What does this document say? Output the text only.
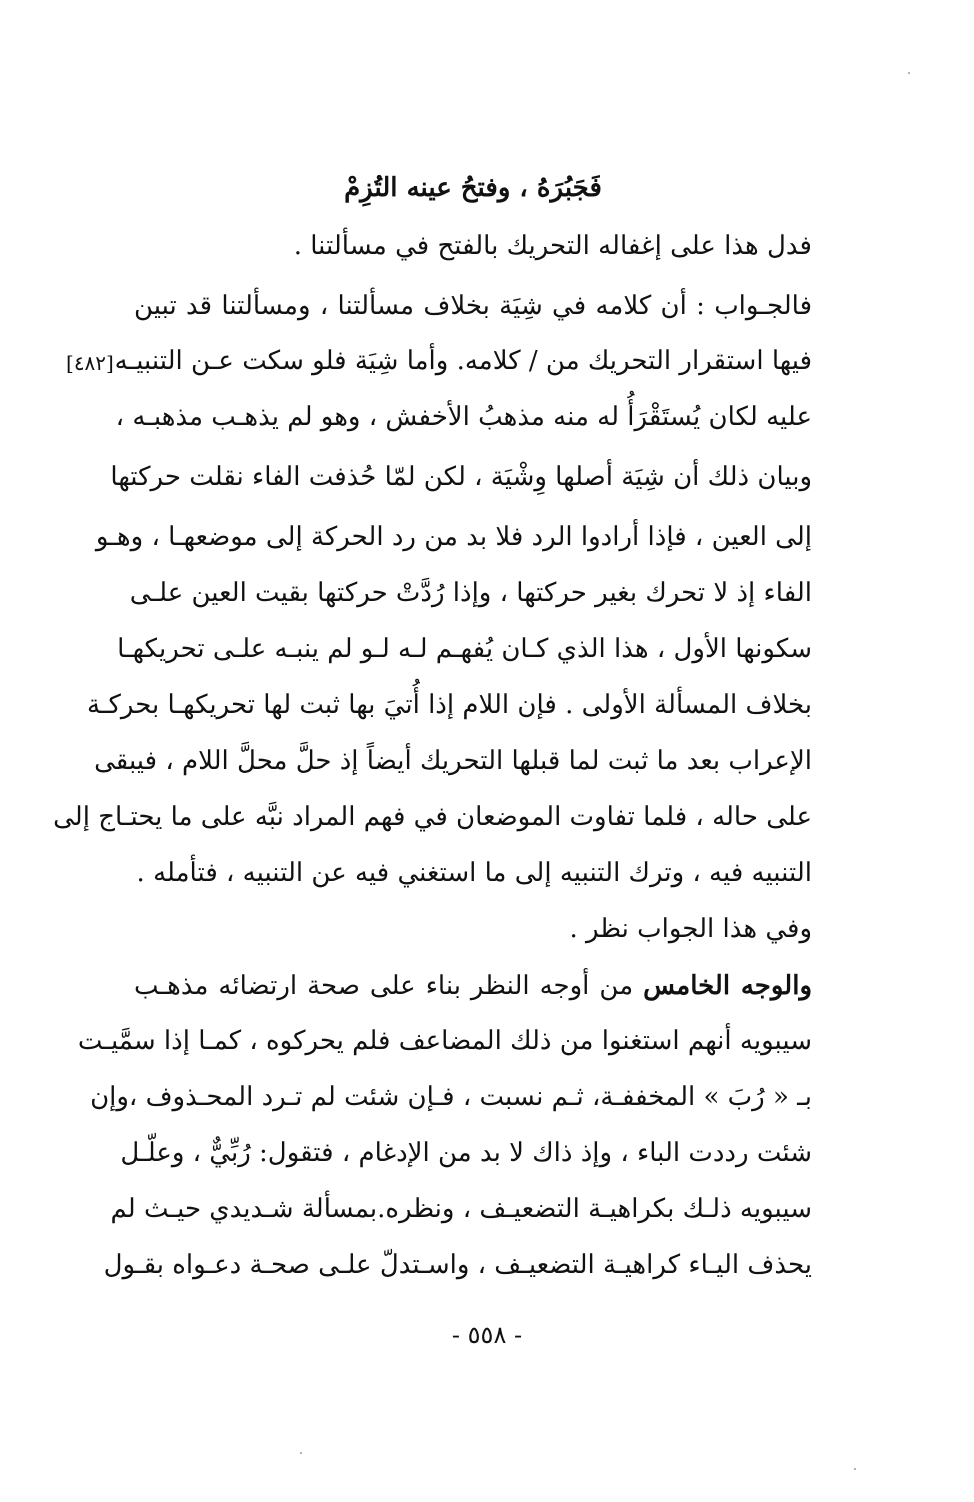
فَجَبُرَهُ ، وفتحُ عينه التُزِمْ
[٤٨٢]
فدل هذا على إغفاله التحريك بالفتح في مسألتنا .
فالجـواب : أن كلامه في شِيَة بخلاف مسألتنا ، ومسألتنا قد تبين
فيها استقرار التحريك من / كلامه. وأما شِيَة فلو سكت عـن التنبيـه
عليه لكان يُستَقْرَأُ له منه مذهبُ الأخفش ، وهو لم يذهـب مذهبـه ،
وبيان ذلك أن شِيَة أصلها وِشْيَة ، لكن لمّا حُذفت الفاء نقلت حركتها
إلى العين ، فإذا أرادوا الرد فلا بد من رد الحركة إلى موضعهـا ، وهـو
الفاء إذ لا تحرك بغير حركتها ، وإذا رُدَّتْ حركتها بقيت العين علـى
سكونها الأول ، هذا الذي كـان يُفهـم لـه لـو لم ينبـه علـى تحريكهـا
بخلاف المسألة الأولى . فإن اللام إذا أُتيَ بها ثبت لها تحريكهـا بحركـة
الإعراب بعد ما ثبت لما قبلها التحريك أيضاً إذ حلَّ محلَّ اللام ، فيبقى
على حاله ، فلما تفاوت الموضعان في فهم المراد نبَّه على ما يحتـاج إلى
التنبيه فيه ، وترك التنبيه إلى ما استغني فيه عن التنبيه ، فتأمله .
وفي هذا الجواب نظر .
والوجه الخامس من أوجه النظر بناء على صحة ارتضائه مذهـب
سيبويه أنهم استغنوا من ذلك المضاعف فلم يحركوه ، كمـا إذا سمَّيـت
بـ « رُبَ » المخففـة، ثـم نسبت ، فـإن شئت لم تـرد المحـذوف ،وإن
شئت رددت الباء ، وإذ ذاك لا بد من الإدغام ، فتقول: رُبِّيٌّ ، وعلّـل
سيبويه ذلـك بكراهيـة التضعيـف ، ونظره.بمسألة شـديدي حيـث لم
يحذف اليـاء كراهيـة التضعيـف ، واسـتدلّ علـى صحـة دعـواه بقـول
- ٥٥٨ -
